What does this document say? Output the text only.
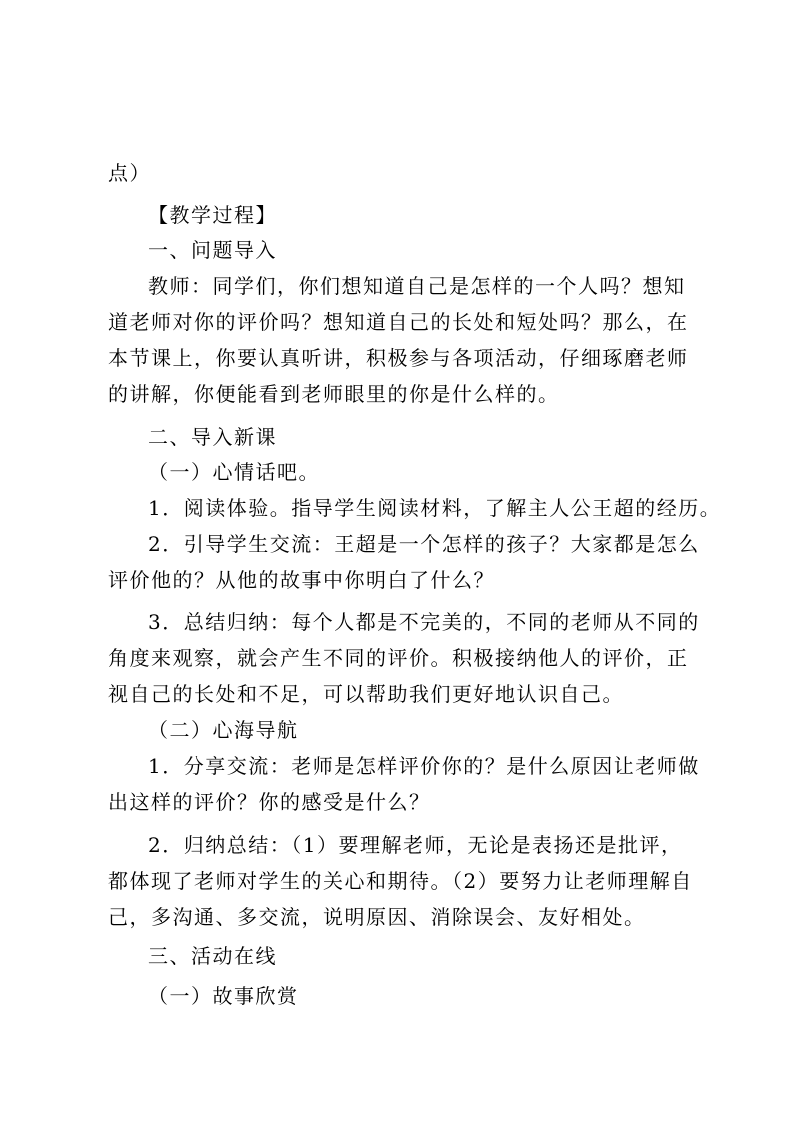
点）
【教学过程】
一、问题导入
教师：同学们，你们想知道自己是怎样的一个人吗？想知
道老师对你的评价吗？想知道自己的长处和短处吗？那么，在
本节课上，你要认真听讲，积极参与各项活动，仔细琢磨老师
的讲解，你便能看到老师眼里的你是什么样的。
二、导入新课
（一）心情话吧。
1．阅读体验。指导学生阅读材料，了解主人公王超的经历。
2．引导学生交流：王超是一个怎样的孩子？大家都是怎么
评价他的？从他的故事中你明白了什么？
3．总结归纳：每个人都是不完美的，不同的老师从不同的
角度来观察，就会产生不同的评价。积极接纳他人的评价，正
视自己的长处和不足，可以帮助我们更好地认识自己。
（二）心海导航
1．分享交流：老师是怎样评价你的？是什么原因让老师做
出这样的评价？你的感受是什么？
2．归纳总结：（1）要理解老师，无论是表扬还是批评，
都体现了老师对学生的关心和期待。（2）要努力让老师理解自
己，多沟通、多交流，说明原因、消除误会、友好相处。
三、活动在线
（一）故事欣赏
